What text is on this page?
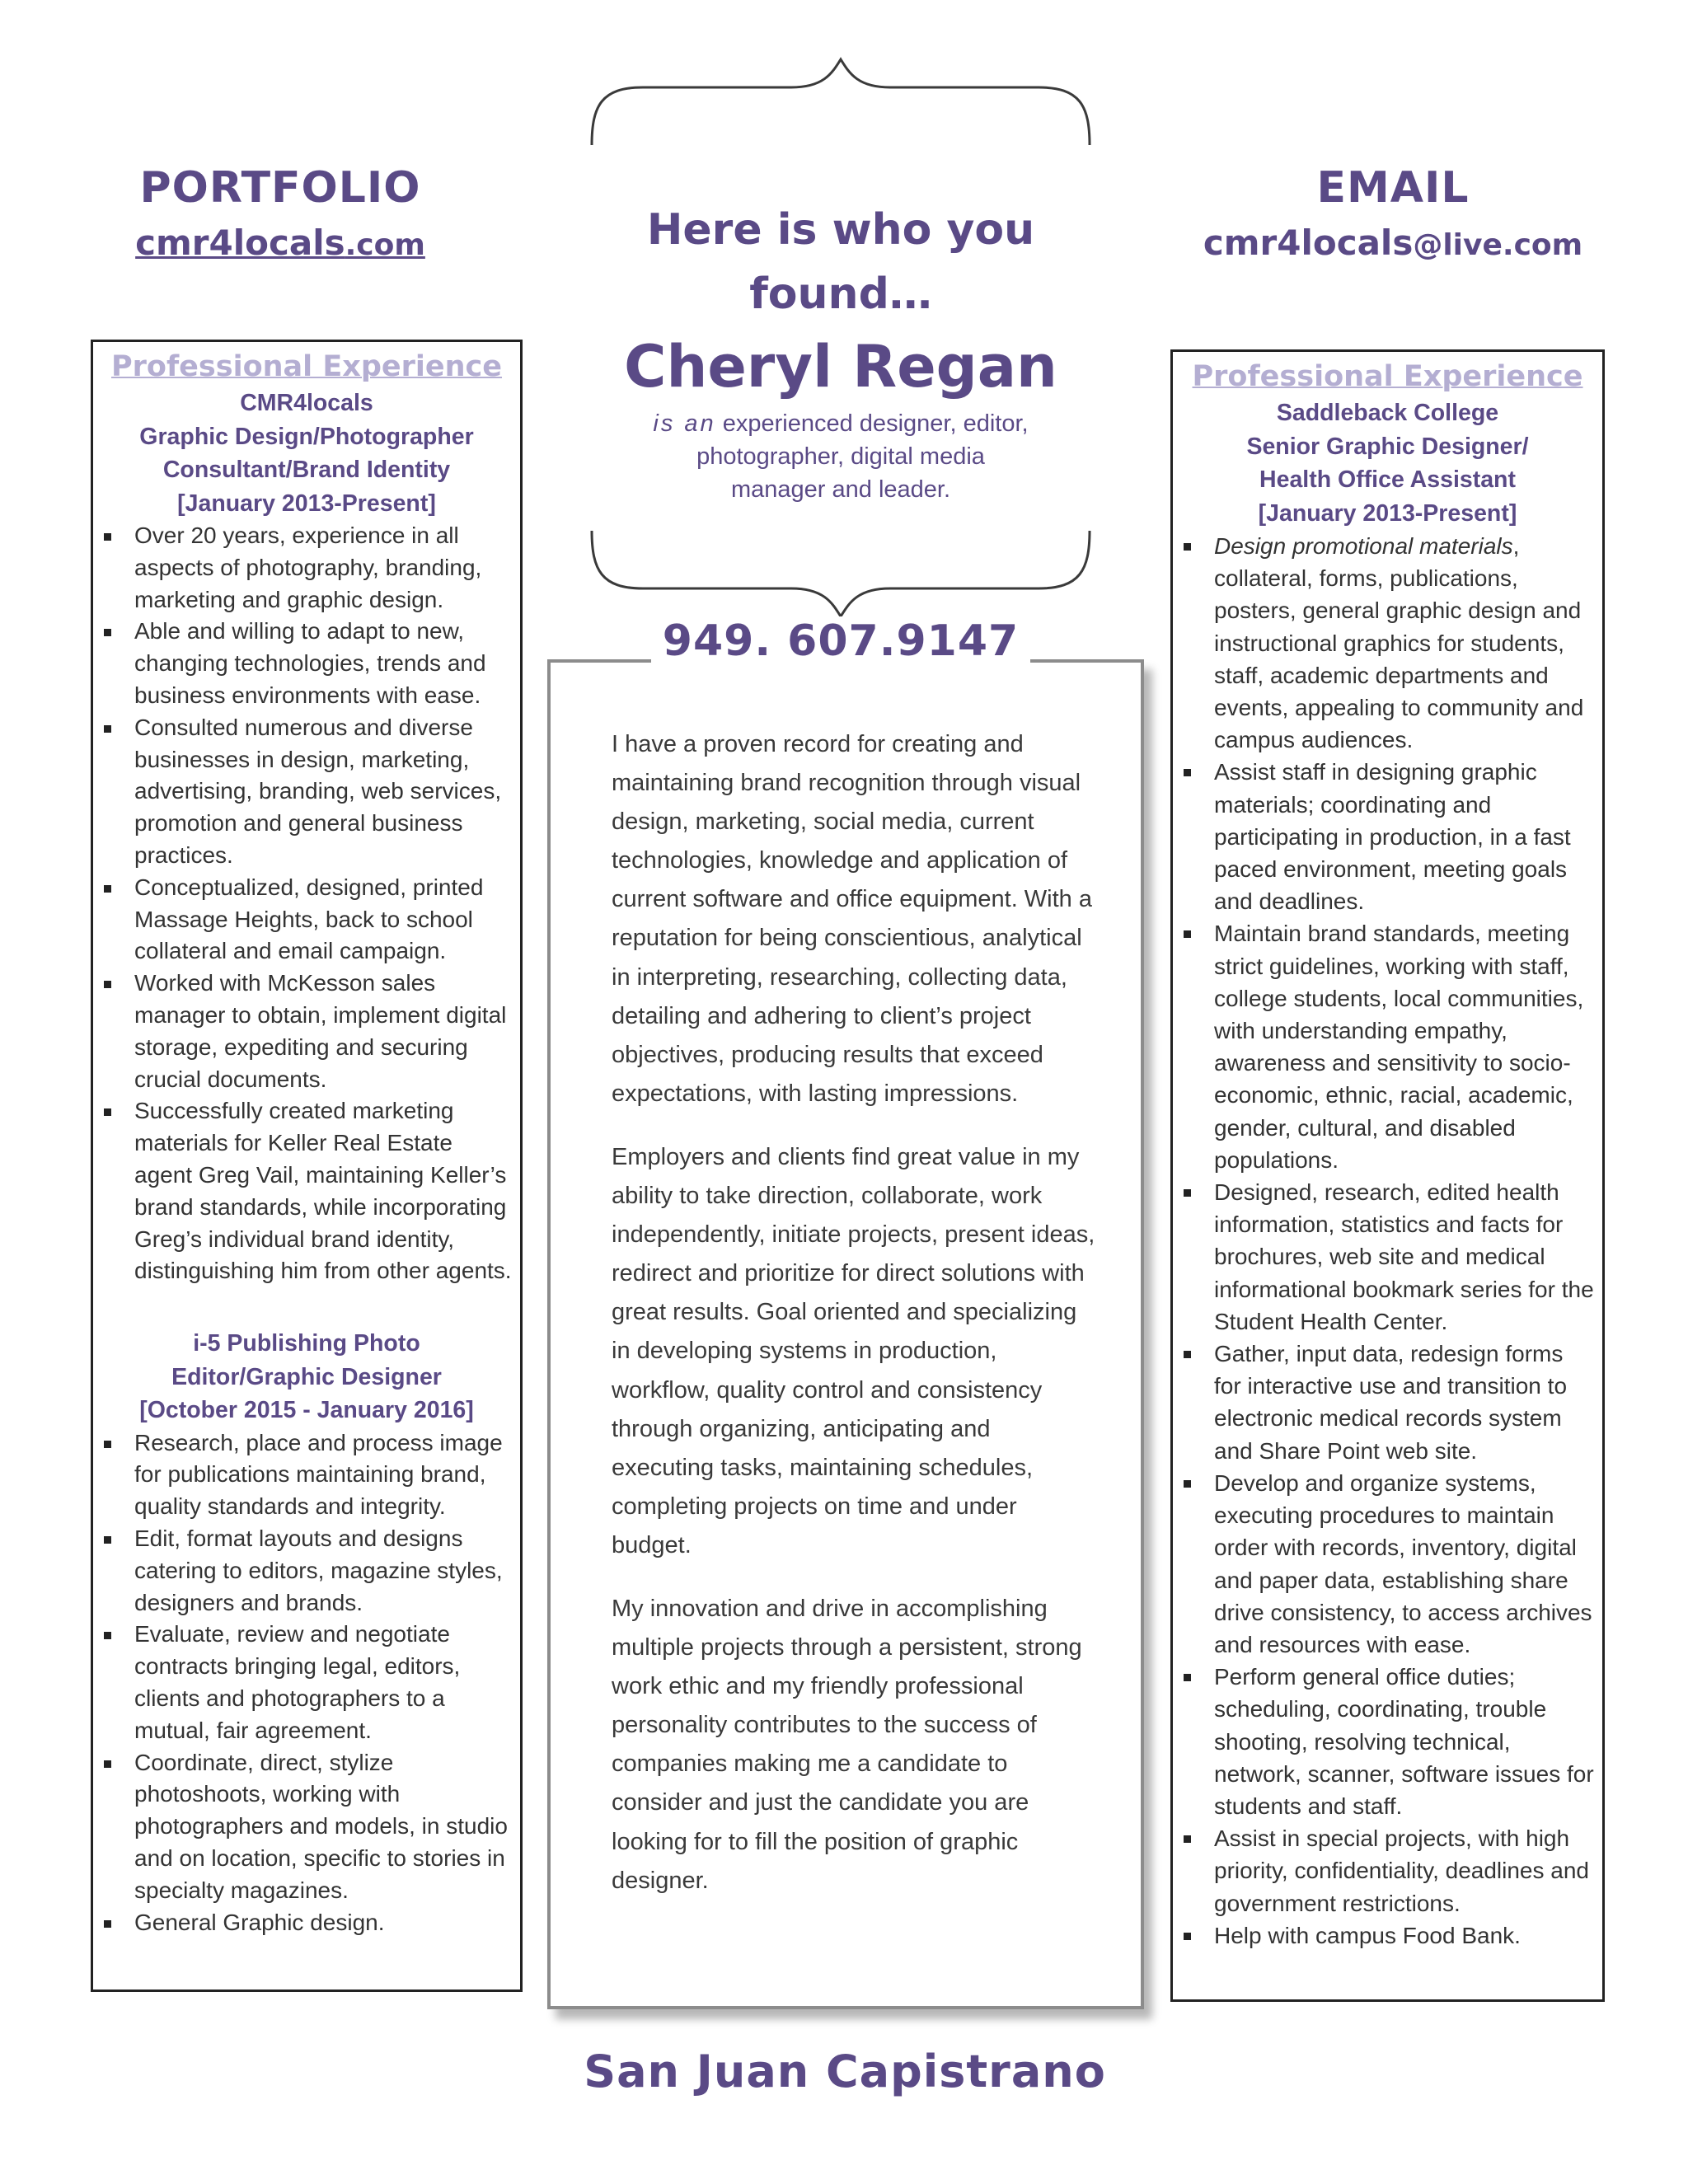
PORTFOLIO
cmr4locals.com
EMAIL
cmr4locals@live.com
Here is who you found…
Cheryl Regan
is an experienced designer, editor,
photographer, digital media
manager and leader.

I have a proven record for creating and maintaining brand recognition through visual design, marketing, social media, current technologies, knowledge and application of current software and office equipment. With a reputation for being conscientious, analytical in interpreting, researching, collecting data, detailing and adhering to client’s project objectives, producing results that exceed expectations, with lasting impressions.

Employers and clients find great value in my ability to take direction, collaborate, work independently, initiate projects, present ideas, redirect and prioritize for direct solutions with great results. Goal oriented and specializing in developing systems in production, workflow, quality control and consistency through organizing, anticipating and executing tasks, maintaining schedules, completing projects on time and under budget.

My innovation and drive in accomplishing multiple projects through a persistent, strong work ethic and my friendly professional personality contributes to the success of companies making me a candidate to consider and just the candidate you are looking for to fill the position of graphic designer.

949. 607.9147
Professional Experience
CMR4locals
Graphic Design/Photographer
Consultant/Brand Identity
[January 2013-Present]
Over 20 years, experience in all aspects of photography, branding, marketing and graphic design.
Able and willing to adapt to new, changing technologies, trends and business environments with ease.
Consulted numerous and diverse businesses in design, marketing, advertising, branding, web services, promotion and general business practices.
Conceptualized, designed, printed Massage Heights, back to school collateral and email campaign.
Worked with McKesson sales manager to obtain, implement digital storage, expediting and securing crucial documents.
Successfully created marketing materials for Keller Real Estate agent Greg Vail, maintaining Keller’s brand standards, while incorporating Greg’s individual brand identity, distinguishing him from other agents.
i-5 Publishing Photo
Editor/Graphic Designer
[October 2015 - January 2016]
Research, place and process image for publications maintaining brand, quality standards and integrity.
Edit, format layouts and designs catering to editors, magazine styles, designers and brands.
Evaluate, review and negotiate contracts bringing legal, editors, clients and photographers to a mutual, fair agreement.
Coordinate, direct, stylize photoshoots, working with photographers and models, in studio and on location, specific to stories in specialty magazines.
General Graphic design.
Professional Experience
Saddleback College
Senior Graphic Designer/
Health Office Assistant
[January 2013-Present]
Design promotional materials, collateral, forms, publications, posters, general graphic design and instructional graphics for students, staff, academic departments and events, appealing to community and campus audiences.
Assist staff in designing graphic materials; coordinating and participating in production, in a fast paced environment, meeting goals and deadlines.
Maintain brand standards, meeting strict guidelines, working with staff, college students, local communities, with understanding empathy, awareness and sensitivity to socio-economic, ethnic, racial, academic, gender, cultural, and disabled populations.
Designed, research, edited health information, statistics and facts for brochures, web site and medical informational bookmark series for the Student Health Center.
Gather, input data, redesign forms for interactive use and transition to electronic medical records system and Share Point web site.
Develop and organize systems, executing procedures to maintain order with records, inventory, digital and paper data, establishing share drive consistency, to access archives and resources with ease.
Perform general office duties; scheduling, coordinating, trouble shooting, resolving technical, network, scanner, software issues for students and staff.
Assist in special projects, with high priority, confidentiality, deadlines and government restrictions.
Help with campus Food Bank.
San Juan Capistrano
